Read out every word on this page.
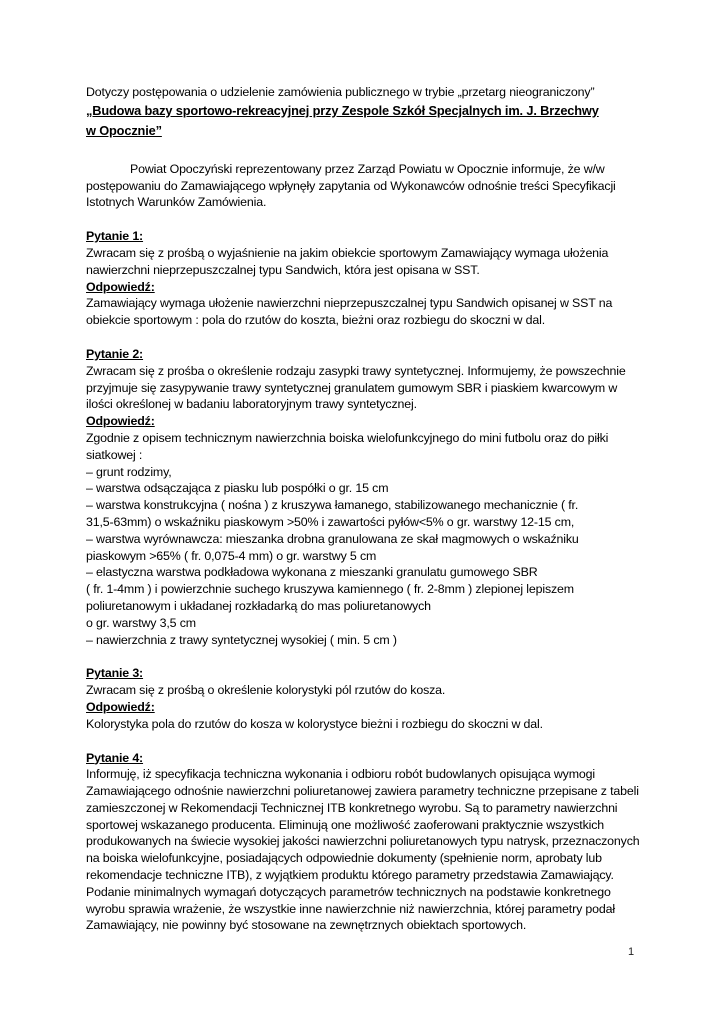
Dotyczy postępowania o udzielenie zamówienia publicznego w trybie „przetarg nieograniczony”
„Budowa bazy sportowo-rekreacyjnej przy Zespole Szkół Specjalnych im. J. Brzechwy
w Opocznie”
Powiat Opoczyński reprezentowany przez Zarząd Powiatu w Opocznie informuje, że w/w
postępowaniu do Zamawiającego wpłynęły zapytania od Wykonawców odnośnie treści Specyfikacji
Istotnych Warunków Zamówienia.
Pytanie 1:
Zwracam się z prośbą o wyjaśnienie na jakim obiekcie sportowym Zamawiający wymaga ułożenia
nawierzchni nieprzepuszczalnej typu Sandwich, która jest opisana w SST.
Odpowiedź:
Zamawiający wymaga ułożenie nawierzchni nieprzepuszczalnej typu Sandwich opisanej w SST na
obiekcie sportowym : pola do rzutów do koszta, bieżni oraz rozbiegu do skoczni w dal.
Pytanie 2:
Zwracam się z prośba o określenie rodzaju zasypki trawy syntetycznej. Informujemy, że powszechnie
przyjmuje się zasypywanie trawy syntetycznej granulatem gumowym SBR i piaskiem kwarcowym w
ilości określonej w badaniu laboratoryjnym trawy syntetycznej.
Odpowiedź:
Zgodnie z opisem technicznym nawierzchnia boiska wielofunkcyjnego do mini futbolu oraz do piłki
siatkowej :
– grunt rodzimy,
– warstwa odsączająca z piasku lub pospółki o gr. 15 cm
– warstwa konstrukcyjna ( nośna ) z kruszywa łamanego, stabilizowanego mechanicznie ( fr.
31,5-63mm) o wskaźniku piaskowym >50% i zawartości pyłów<5% o gr. warstwy 12-15 cm,
– warstwa wyrównawcza: mieszanka drobna granulowana ze skał magmowych o wskaźniku
piaskowym >65% ( fr. 0,075-4 mm) o gr. warstwy 5 cm
– elastyczna warstwa podkładowa wykonana z mieszanki granulatu gumowego SBR
( fr. 1-4mm ) i powierzchnie suchego kruszywa kamiennego ( fr. 2-8mm ) zlepionej lepiszem
poliuretanowym i układanej rozkładarką do mas poliuretanowych
o gr. warstwy 3,5 cm
– nawierzchnia z trawy syntetycznej wysokiej ( min. 5 cm )
Pytanie 3:
Zwracam się z prośbą o określenie kolorystyki pól rzutów do kosza.
Odpowiedź:
Kolorystyka pola do rzutów do kosza w kolorystyce bieżni i rozbiegu do skoczni w dal.
Pytanie 4:
Informuję, iż specyfikacja techniczna wykonania i odbioru robót budowlanych opisująca wymogi
Zamawiającego odnośnie nawierzchni poliuretanowej zawiera parametry techniczne przepisane z tabeli
zamieszczonej w Rekomendacji Technicznej ITB konkretnego wyrobu. Są to parametry nawierzchni
sportowej wskazanego producenta. Eliminują one możliwość zaoferowani praktycznie wszystkich
produkowanych na świecie wysokiej jakości nawierzchni poliuretanowych typu natrysk, przeznaczonych
na boiska wielofunkcyjne, posiadających odpowiednie dokumenty (spełnienie norm, aprobaty lub
rekomendacje techniczne ITB), z wyjątkiem produktu którego parametry przedstawia Zamawiający.
Podanie minimalnych wymagań dotyczących parametrów technicznych na podstawie konkretnego
wyrobu sprawia wrażenie, że wszystkie inne nawierzchnie niż nawierzchnia, której parametry podał
Zamawiający, nie powinny być stosowane na zewnętrznych obiektach sportowych.
1
